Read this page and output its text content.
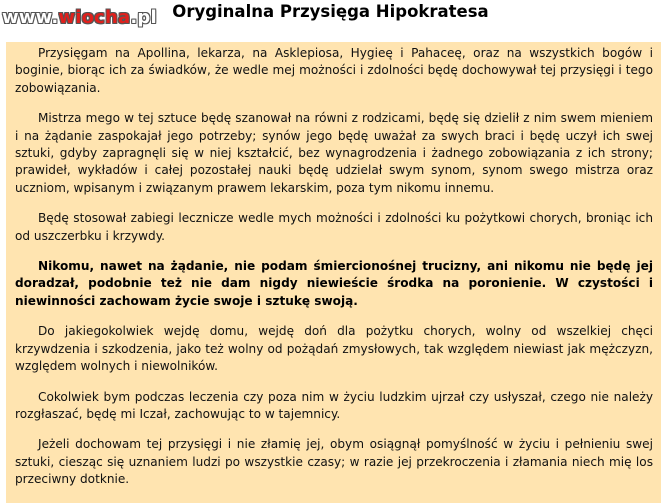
www.wiocha.pl Oryginalna Przysięga Hipokratesa

Przysięgam na Apollina, lekarza, na Asklepiosa, Hygieę i Pahaceę, oraz na wszystkich bogów i boginie, biorąc ich za świadków, że wedle mej możności i zdolności będę dochowywał tej przysięgi i tego zobowiązania.

Mistrza mego w tej sztuce będę szanował na równi z rodzicami, będę się dzielił z nim swem mieniem i na żądanie zaspokajał jego potrzeby; synów jego będę uważał za swych braci i będę uczył ich swej sztuki, gdyby zapragnęli się w niej kształcić, bez wynagrodzenia i żadnego zobowiązania z ich strony; prawideł, wykładów i całej pozostałej nauki będę udzielał swym synom, synom swego mistrza oraz uczniom, wpisanym i związanym prawem lekarskim, poza tym nikomu innemu.

Będę stosował zabiegi lecznicze wedle mych możności i zdolności ku pożytkowi chorych, broniąc ich od uszczerbku i krzywdy.

Nikomu, nawet na żądanie, nie podam śmiercionośnej trucizny, ani nikomu nie będę jej doradzał, podobnie też nie dam nigdy niewieście środka na poronienie. W czystości i niewinności zachowam życie swoje i sztukę swoją.

Do jakiegokolwiek wejdę domu, wejdę doń dla pożytku chorych, wolny od wszelkiej chęci krzywdzenia i szkodzenia, jako też wolny od pożądań zmysłowych, tak względem niewiast jak mężczyzn, względem wolnych i niewolników.

Cokolwiek bym podczas leczenia czy poza nim w życiu ludzkim ujrzał czy usłyszał, czego nie należy rozgłaszać, będę mi Iczał, zachowując to w tajemnicy.

Jeżeli dochowam tej przysięgi i nie złamię jej, obym osiągnął pomyślność w życiu i pełnieniu swej sztuki, ciesząc się uznaniem ludzi po wszystkie czasy; w razie jej przekroczenia i złamania niech mię los przeciwny dotknie.
